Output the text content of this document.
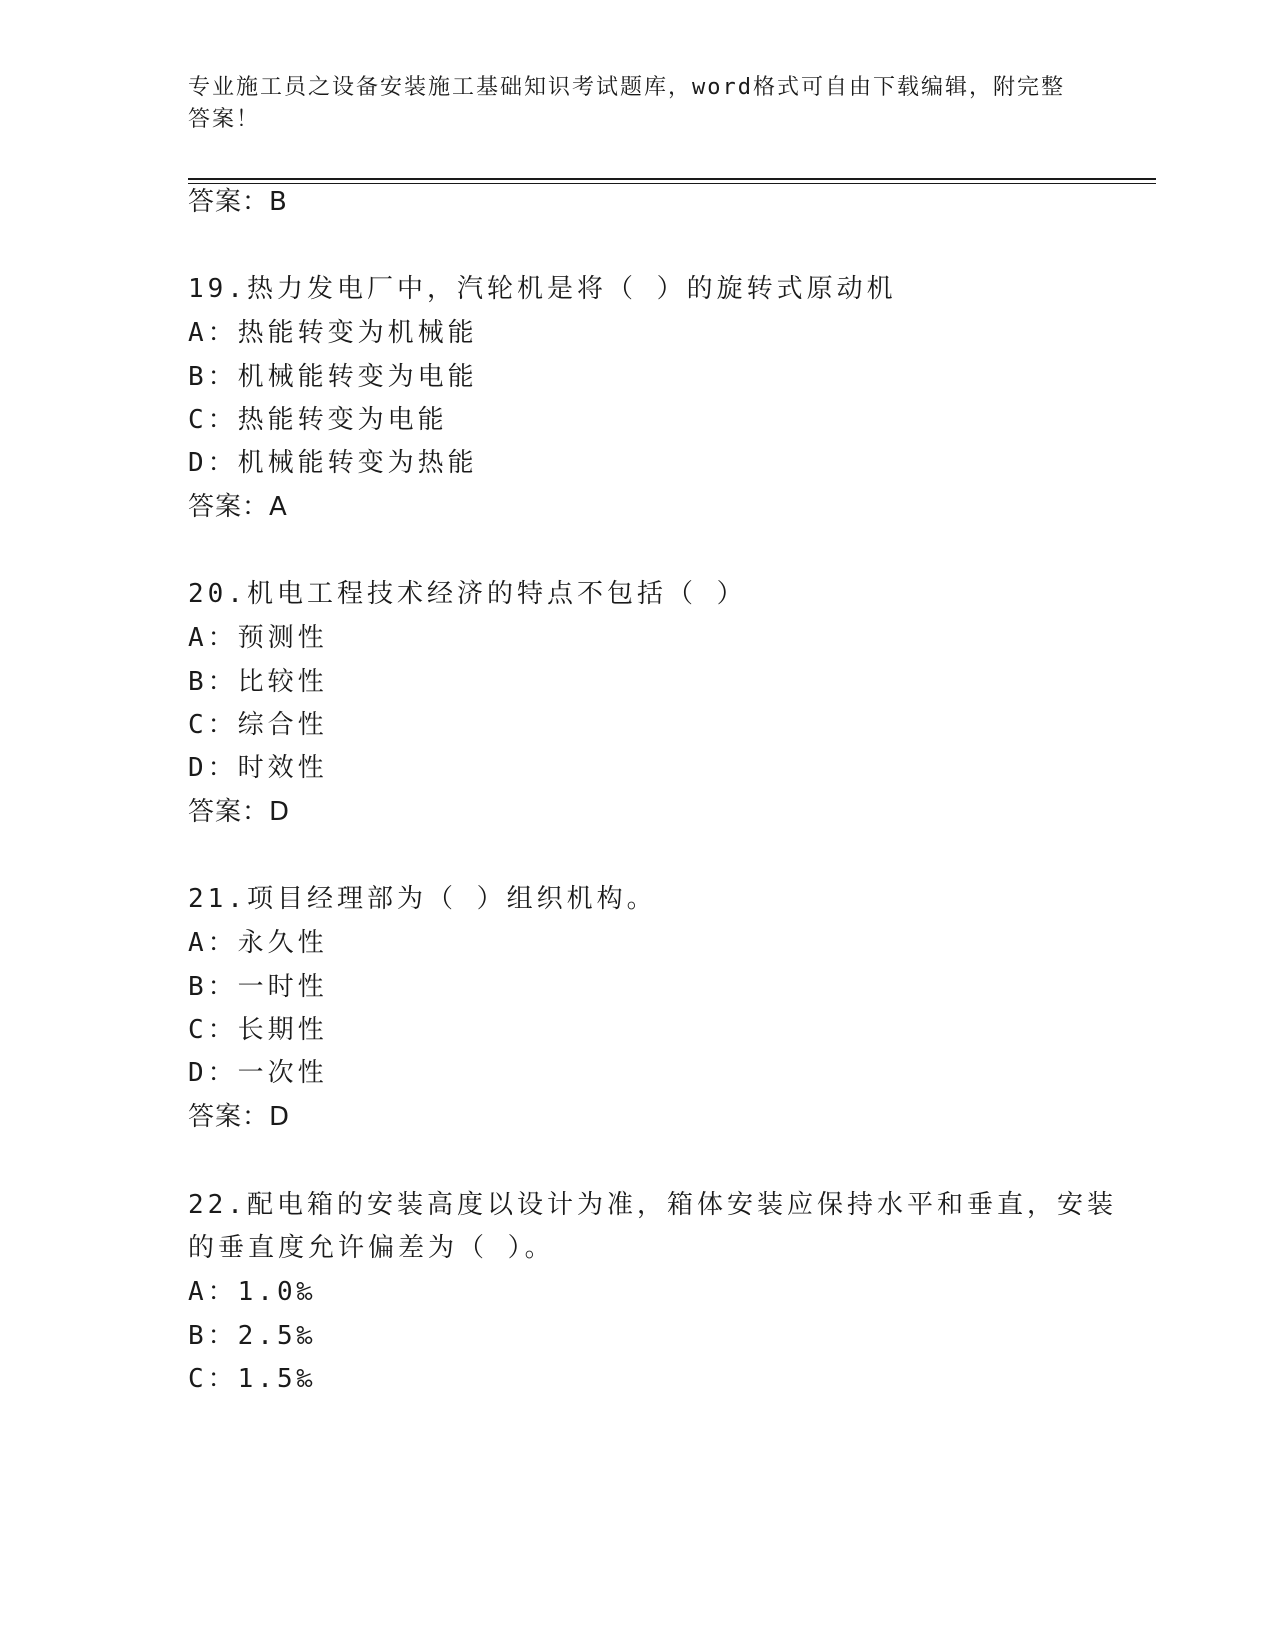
专业施工员之设备安装施工基础知识考试题库，word格式可自由下载编辑，附完整答案！
答案：B
19.热力发电厂中，汽轮机是将（ ）的旋转式原动机
A：热能转变为机械能
B：机械能转变为电能
C：热能转变为电能
D：机械能转变为热能
答案：A
20.机电工程技术经济的特点不包括（ ）
A：预测性
B：比较性
C：综合性
D：时效性
答案：D
21.项目经理部为（ ）组织机构。
A：永久性
B：一时性
C：长期性
D：一次性
答案：D
22.配电箱的安装高度以设计为准，箱体安装应保持水平和垂直，安装
的垂直度允许偏差为（ ）。
A：1.0‰
B：2.5‰
C：1.5‰
